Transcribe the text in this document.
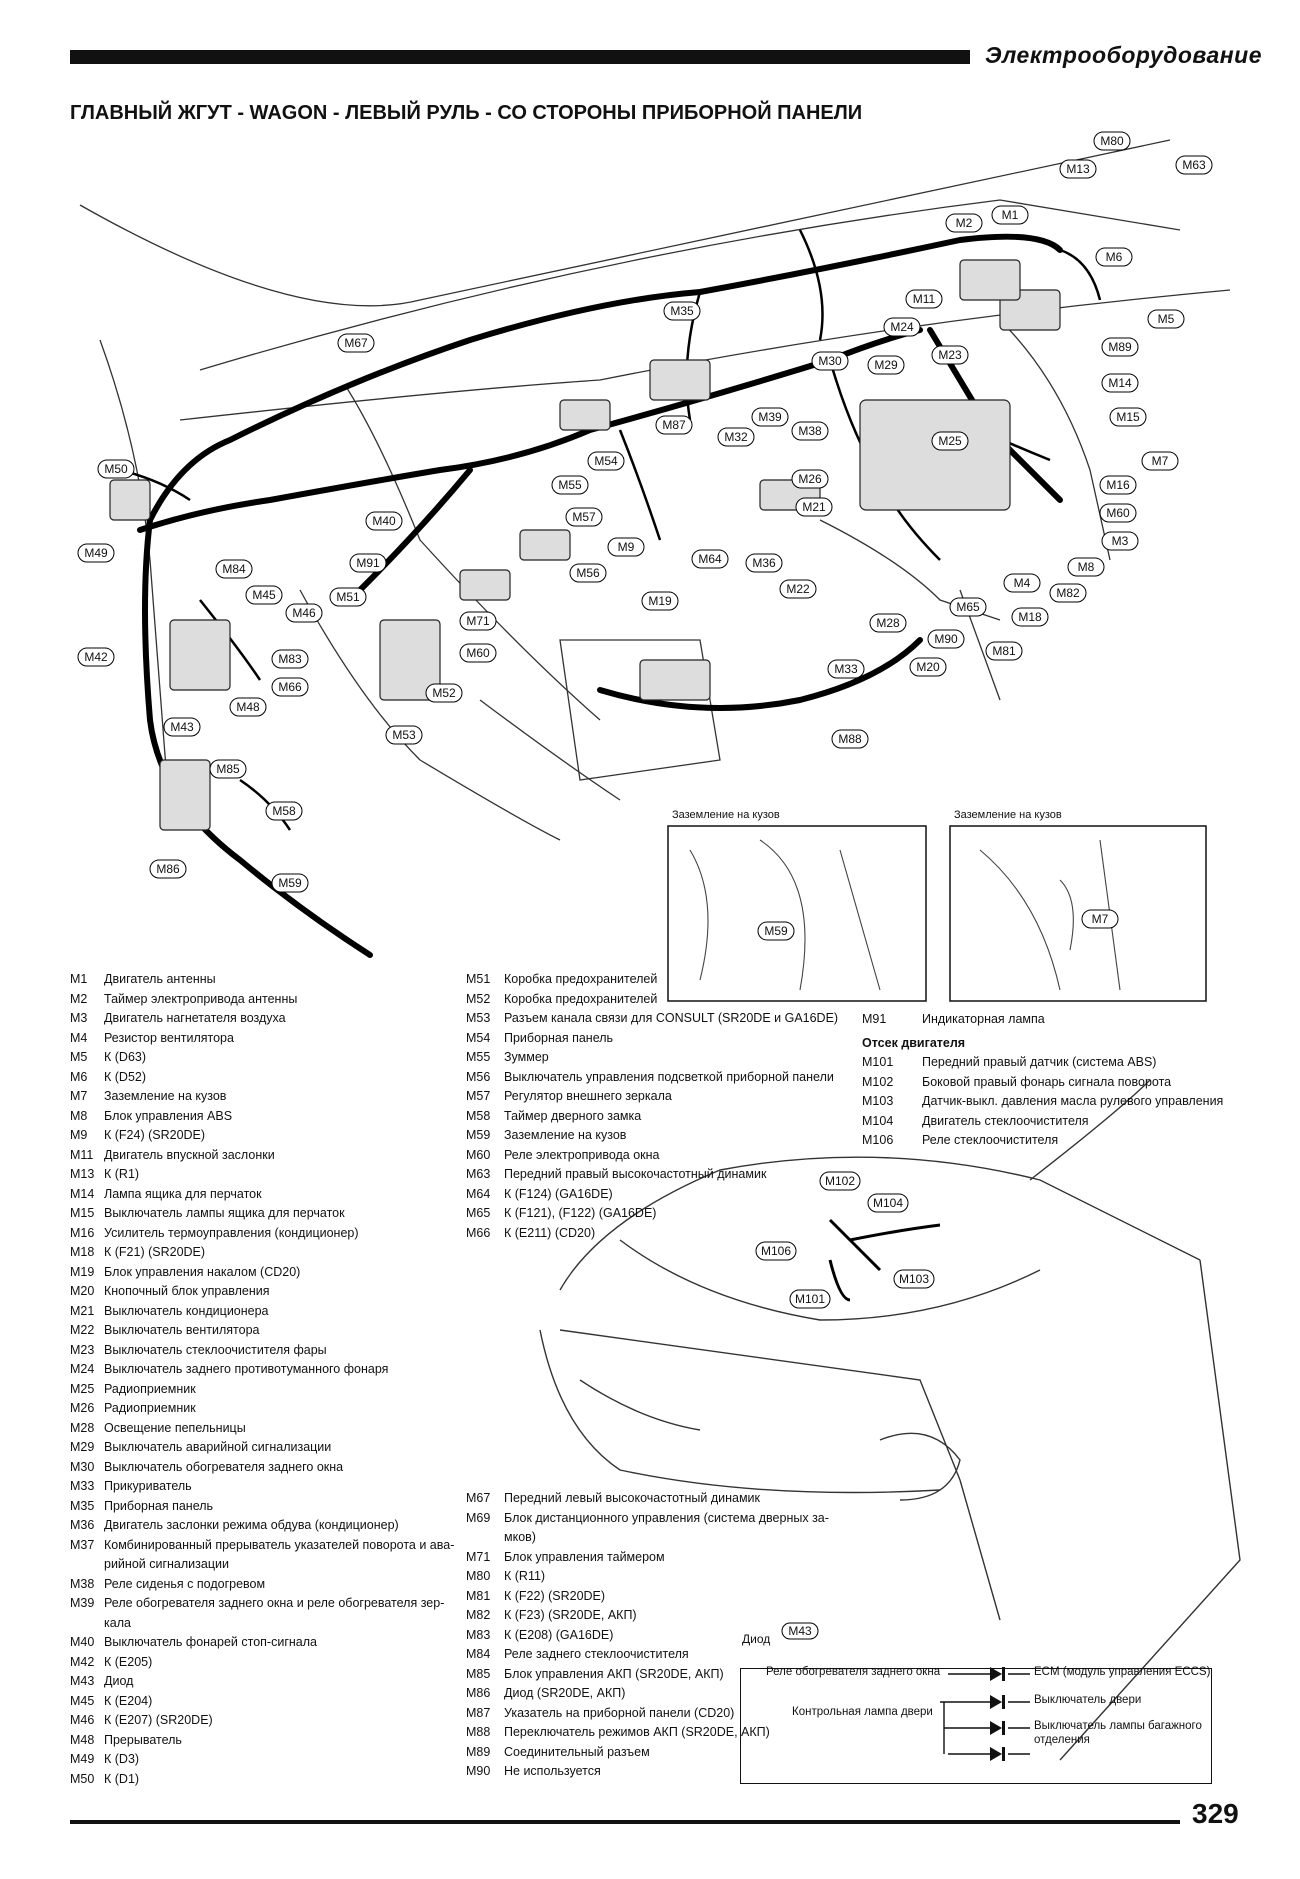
Электрооборудование
ГЛАВНЫЙ ЖГУТ - WAGON - ЛЕВЫЙ РУЛЬ - СО СТОРОНЫ ПРИБОРНОЙ ПАНЕЛИ
Заземление на кузов	Заземление на кузов
M80
M63
M13
M1
M2
M6
M11
M5
M35
M24
M89
M67
M30	M29
M23
M14
M15
M39
M87
M32	M38
M25
M50
M54	M7
M16
M26
M55
M60
M21
M40	M57
M9	M3
M49	M64	M36	M8
M91
M56
M84
M4
M82
M22
M45	M51	M19
M46	M65
M18
M71	M28
M42
M90
M81
M83	M60
M66
M33	M20
M52
M48
M43
M53	M88
M85
M58
M86
M59
M59
M7
M102
M104
M106
M103
M101
M43
M1 Двигатель антенны
M2 Таймер электропривода антенны
M3 Двигатель нагнетателя воздуха
M4 Резистор вентилятора
M5 К (D63)
M6 К (D52)
M7 Заземление на кузов
M8 Блок управления ABS
M9 К (F24) (SR20DE)
M11 Двигатель впускной заслонки
M13 К (R1)
M14 Лампа ящика для перчаток
M15 Выключатель лампы ящика для перчаток
M16 Усилитель термоуправления (кондиционер)
M18 К (F21) (SR20DE)
M19 Блок управления накалом (CD20)
M20 Кнопочный блок управления
M21 Выключатель кондиционера
M22 Выключатель вентилятора
M23 Выключатель стеклоочистителя фары
M24 Выключатель заднего противотуманного фонаря
M25 Радиоприемник
M26 Радиоприемник
M28 Освещение пепельницы
M29 Выключатель аварийной сигнализации
M30 Выключатель обогревателя заднего окна
M33 Прикуриватель
M35 Приборная панель
M36 Двигатель заслонки режима обдува (кондиционер)
M37 Комбинированный прерыватель указателей поворота и ава-
рийной сигнализации
M38 Реле сиденья с подогревом
M39 Реле обогревателя заднего окна и реле обогревателя зер-
кала
M40 Выключатель фонарей стоп-сигнала
M42 К (E205)
M43 Диод
M45 К (E204)
M46 К (E207) (SR20DE)
M48 Прерыватель
M49 К (D3)
M50 К (D1)
M51 Коробка предохранителей
M52 Коробка предохранителей
M53 Разъем канала связи для CONSULT (SR20DE и GA16DE)
M54 Приборная панель
M55 Зуммер
M56 Выключатель управления подсветкой приборной панели
M57 Регулятор внешнего зеркала
M58 Таймер дверного замка
M59 Заземление на кузов
M60 Реле электропривода окна
M63 Передний правый высокочастотный динамик
M64 К (F124) (GA16DE)
M65 К (F121), (F122) (GA16DE)
M66 К (E211) (CD20)
M67 Передний левый высокочастотный динамик
M69 Блок дистанционного управления (система дверных за-
мков)
M71 Блок управления таймером
M80 К (R11)
M81 К (F22) (SR20DE)
M82 К (F23) (SR20DE, АКП)
M83 К (E208) (GA16DE)
M84 Реле заднего стеклоочистителя
M85 Блок управления АКП (SR20DE, АКП)
M86 Диод (SR20DE, АКП)
M87 Указатель на приборной панели (CD20)
M88 Переключатель режимов АКП (SR20DE, АКП)
M89 Соединительный разъем
M90 Не используется
M91	Индикаторная лампа
Отсек двигателя
M101 Передний правый датчик (система ABS)
M102 Боковой правый фонарь сигнала поворота
M103 Датчик-выкл. давления масла рулевого управления
M104 Двигатель стеклоочистителя
M106 Реле стеклоочистителя
Диод
Реле обогревателя заднего окна
Контрольная лампа двери
ECM (модуль управления ECCS)
Выключатель двери
Выключатель лампы багажного
отделения
329
